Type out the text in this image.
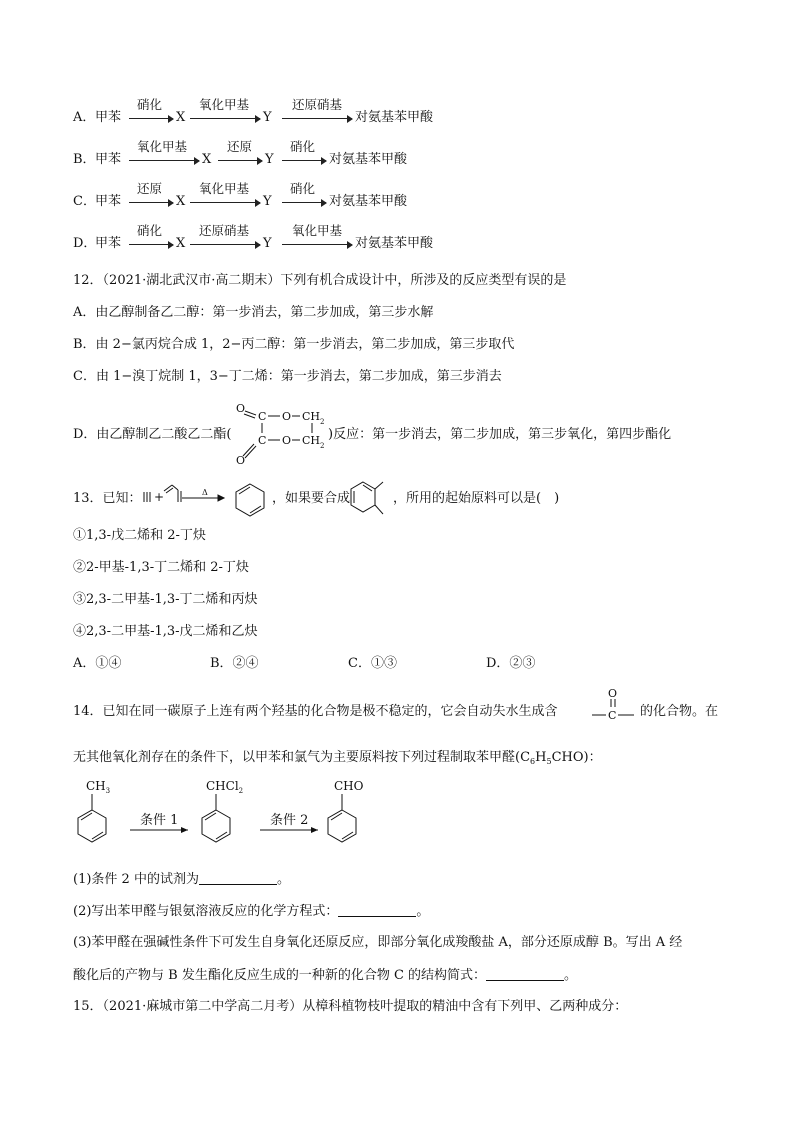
A． 甲苯
硝化
→ X
氧化甲基
Y
还原硝基
对氨基苯甲酸
B． 甲苯
氧化甲基
X
还原
→ Y
硝化
→ 对氨基苯甲酸
C． 甲苯
还原
→ X
氧化甲基
Y
硝化
→ 对氨基苯甲酸
D．
甲苯
硝化
→ X
还原硝基
Y
氧化甲基
对氨基苯甲酸
12．（2021·湖北武汉市·高二期末）下列有机合成设计中，所涉及的反应类型有误的是
A．由乙醇制备乙二醇：第一步消去，第二步加成，第三步水解
B．由 2−氯丙烷合成 1，2−丙二醇：第一步消去，第二步加成，第三步取代
C．由 1−溴丁烷制 1，3−丁二烯：第一步消去，第二步加成，第三步消去
D．由乙醇制乙二酸乙二酯(
O
C O CH 2
C O CH 2
O
)反应：第一步消去，第二步加成，第三步氧化，第四步酯化
13．已知： +	Δ	，如果要合成	，所用的起始原料可以是(　)
①1,3-戊二烯和 2-丁炔
②2-甲基-1,3-丁二烯和 2-丁炔
③2,3-二甲基-1,3-丁二烯和丙炔
④2,3-二甲基-1,3-戊二烯和乙炔
A．①④	B．②④	C．①③	D．②③
14．已知在同一碳原子上连有两个羟基的化合物是极不稳定的，它会自动失水生成含
O
C 的化合物。在
无其他氧化剂存在的条件下，以甲苯和氯气为主要原料按下列过程制取苯甲醛$(C_6H_5CHO)$：
$CH_3$	CHCl$_2$	CHO
条件 1	条件 2
(1)条件 2 中的试剂为	。
(2)写出苯甲醛与银氨溶液反应的化学方程式：	。
(3)苯甲醛在强碱性条件下可发生自身氧化还原反应，即部分氧化成羧酸盐 A，部分还原成醇 B。写出 A 经
酸化后的产物与 B 发生酯化反应生成的一种新的化合物 C 的结构简式：	。
15．（2021·麻城市第二中学高二月考）从樟科植物枝叶提取的精油中含有下列甲、乙两种成分：
